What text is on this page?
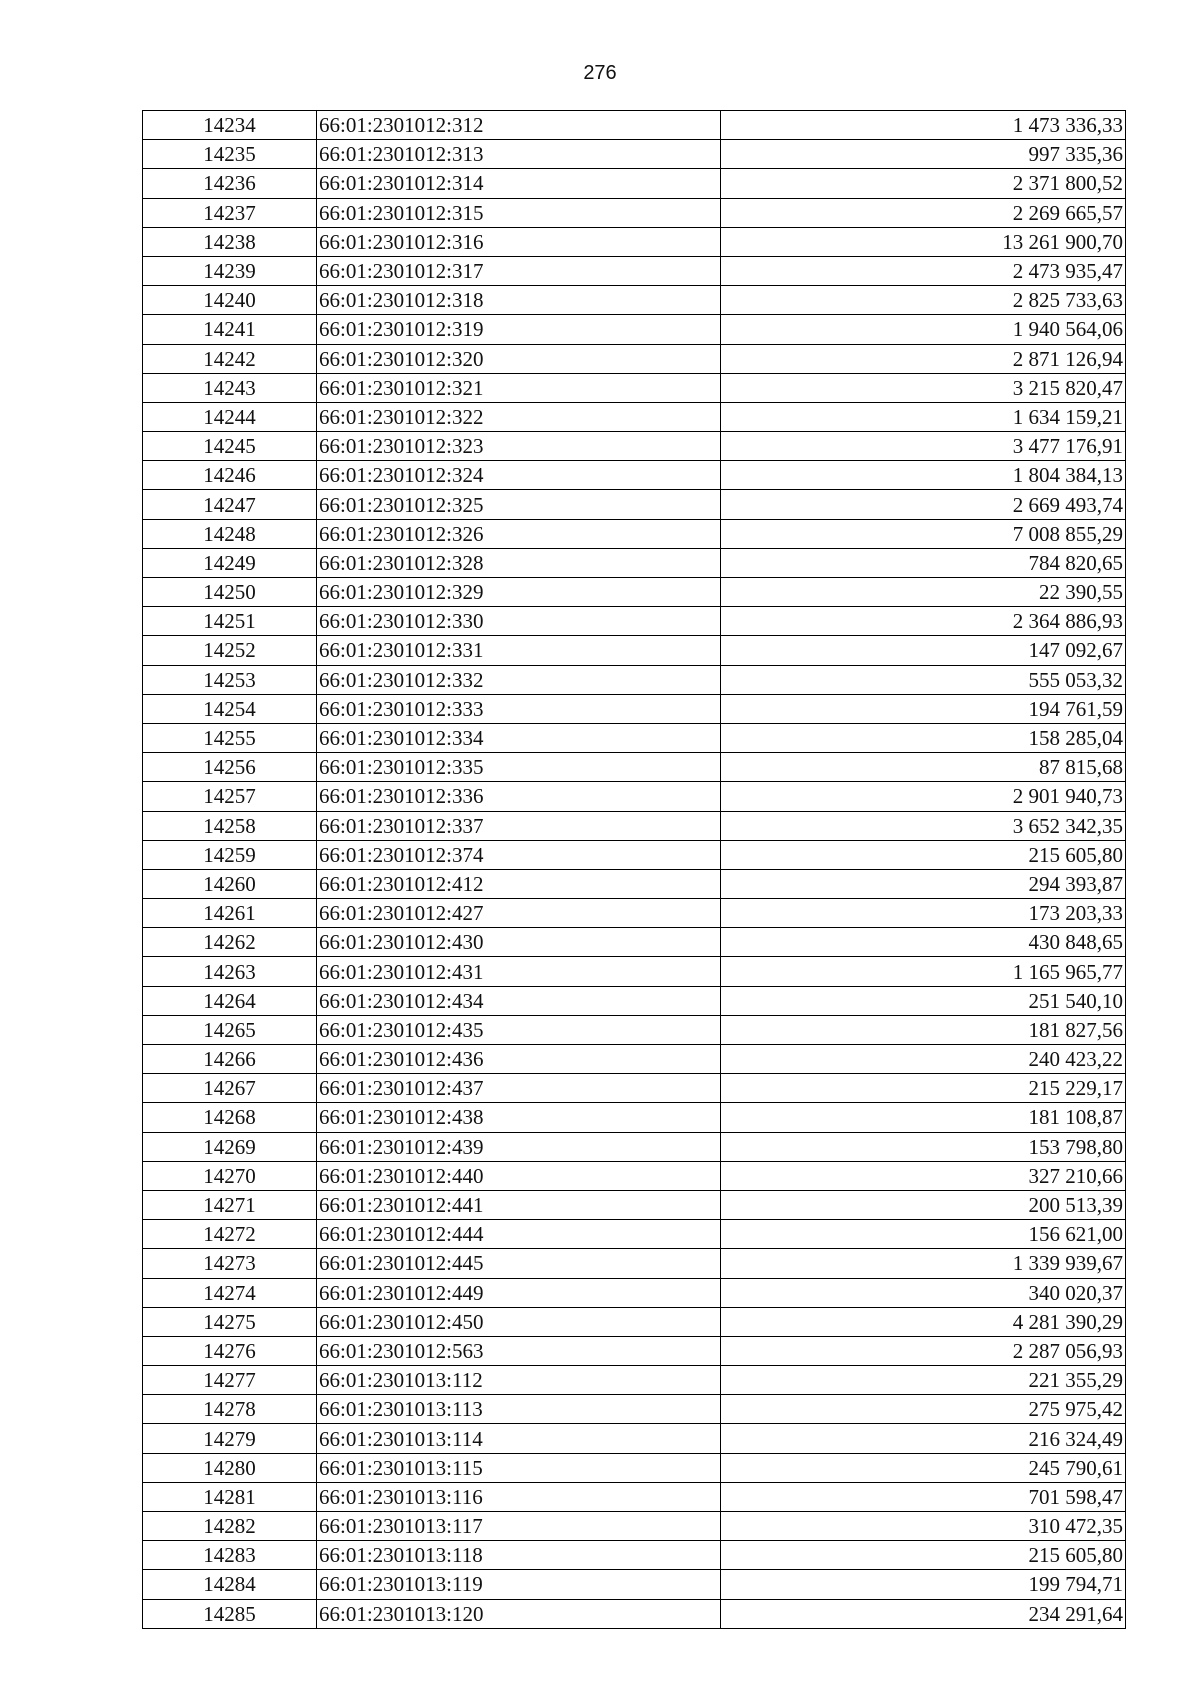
276
14234	66:01:2301012:312	1 473 336,33
14235	66:01:2301012:313	997 335,36
14236	66:01:2301012:314	2 371 800,52
14237	66:01:2301012:315	2 269 665,57
14238	66:01:2301012:316	13 261 900,70
14239	66:01:2301012:317	2 473 935,47
14240	66:01:2301012:318	2 825 733,63
14241	66:01:2301012:319	1 940 564,06
14242	66:01:2301012:320	2 871 126,94
14243	66:01:2301012:321	3 215 820,47
14244	66:01:2301012:322	1 634 159,21
14245	66:01:2301012:323	3 477 176,91
14246	66:01:2301012:324	1 804 384,13
14247	66:01:2301012:325	2 669 493,74
14248	66:01:2301012:326	7 008 855,29
14249	66:01:2301012:328	784 820,65
14250	66:01:2301012:329	22 390,55
14251	66:01:2301012:330	2 364 886,93
14252	66:01:2301012:331	147 092,67
14253	66:01:2301012:332	555 053,32
14254	66:01:2301012:333	194 761,59
14255	66:01:2301012:334	158 285,04
14256	66:01:2301012:335	87 815,68
14257	66:01:2301012:336	2 901 940,73
14258	66:01:2301012:337	3 652 342,35
14259	66:01:2301012:374	215 605,80
14260	66:01:2301012:412	294 393,87
14261	66:01:2301012:427	173 203,33
14262	66:01:2301012:430	430 848,65
14263	66:01:2301012:431	1 165 965,77
14264	66:01:2301012:434	251 540,10
14265	66:01:2301012:435	181 827,56
14266	66:01:2301012:436	240 423,22
14267	66:01:2301012:437	215 229,17
14268	66:01:2301012:438	181 108,87
14269	66:01:2301012:439	153 798,80
14270	66:01:2301012:440	327 210,66
14271	66:01:2301012:441	200 513,39
14272	66:01:2301012:444	156 621,00
14273	66:01:2301012:445	1 339 939,67
14274	66:01:2301012:449	340 020,37
14275	66:01:2301012:450	4 281 390,29
14276	66:01:2301012:563	2 287 056,93
14277	66:01:2301013:112	221 355,29
14278	66:01:2301013:113	275 975,42
14279	66:01:2301013:114	216 324,49
14280	66:01:2301013:115	245 790,61
14281	66:01:2301013:116	701 598,47
14282	66:01:2301013:117	310 472,35
14283	66:01:2301013:118	215 605,80
14284	66:01:2301013:119	199 794,71
14285	66:01:2301013:120	234 291,64
